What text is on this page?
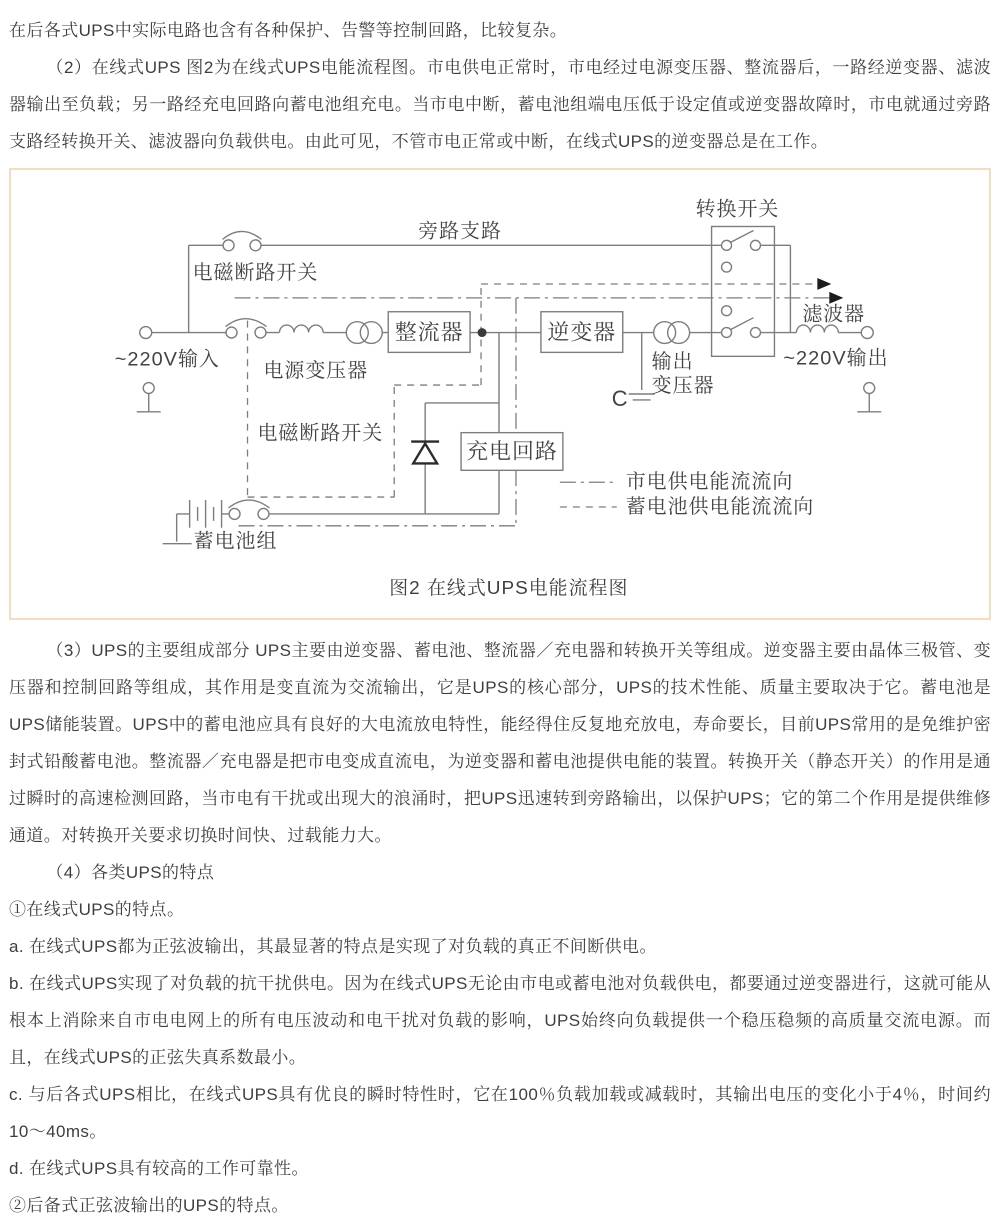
在后各式UPS中实际电路也含有各种保护、告警等控制回路，比较复杂。

（2）在线式UPS 图2为在线式UPS电能流程图。市电供电正常时，市电经过电源变压器、整流器后，一路经逆变器、滤波器输出至负载；另一路经充电回路向蓄电池组充电。当市电中断，蓄电池组端电压低于设定值或逆变器故障时，市电就通过旁路支路经转换开关、滤波器向负载供电。由此可见，不管市电正常或中断，在线式UPS的逆变器总是在工作。

旁路支路
转换开关
电磁断路开关
~220V输入
电源变压器
电磁断路开关
整流器	逆变器
输出
变压器
C
滤波器
~220V输出
充电回路
蓄电池组
市电供电能流流向
蓄电池供电能流流向
图2 在线式UPS电能流程图

（3）UPS的主要组成部分 UPS主要由逆变器、蓄电池、整流器／充电器和转换开关等组成。逆变器主要由晶体三极管、变压器和控制回路等组成，其作用是变直流为交流输出，它是UPS的核心部分，UPS的技术性能、质量主要取决于它。蓄电池是UPS储能装置。UPS中的蓄电池应具有良好的大电流放电特性，能经得住反复地充放电，寿命要长，目前UPS常用的是免维护密封式铅酸蓄电池。整流器／充电器是把市电变成直流电，为逆变器和蓄电池提供电能的装置。转换开关（静态开关）的作用是通过瞬时的高速检测回路，当市电有干扰或出现大的浪涌时，把UPS迅速转到旁路输出，以保护UPS；它的第二个作用是提供维修通道。对转换开关要求切换时间快、过载能力大。

（4）各类UPS的特点

①在线式UPS的特点。

a. 在线式UPS都为正弦波输出，其最显著的特点是实现了对负载的真正不间断供电。

b. 在线式UPS实现了对负载的抗干扰供电。因为在线式UPS无论由市电或蓄电池对负载供电，都要通过逆变器进行，这就可能从根本上消除来自市电电网上的所有电压波动和电干扰对负载的影响，UPS始终向负载提供一个稳压稳频的高质量交流电源。而且，在线式UPS的正弦失真系数最小。

c. 与后各式UPS相比，在线式UPS具有优良的瞬时特性时，它在100％负载加载或减载时，其输出电压的变化小于4％，时间约10～40ms。

d. 在线式UPS具有较高的工作可靠性。

②后备式正弦波输出的UPS的特点。
